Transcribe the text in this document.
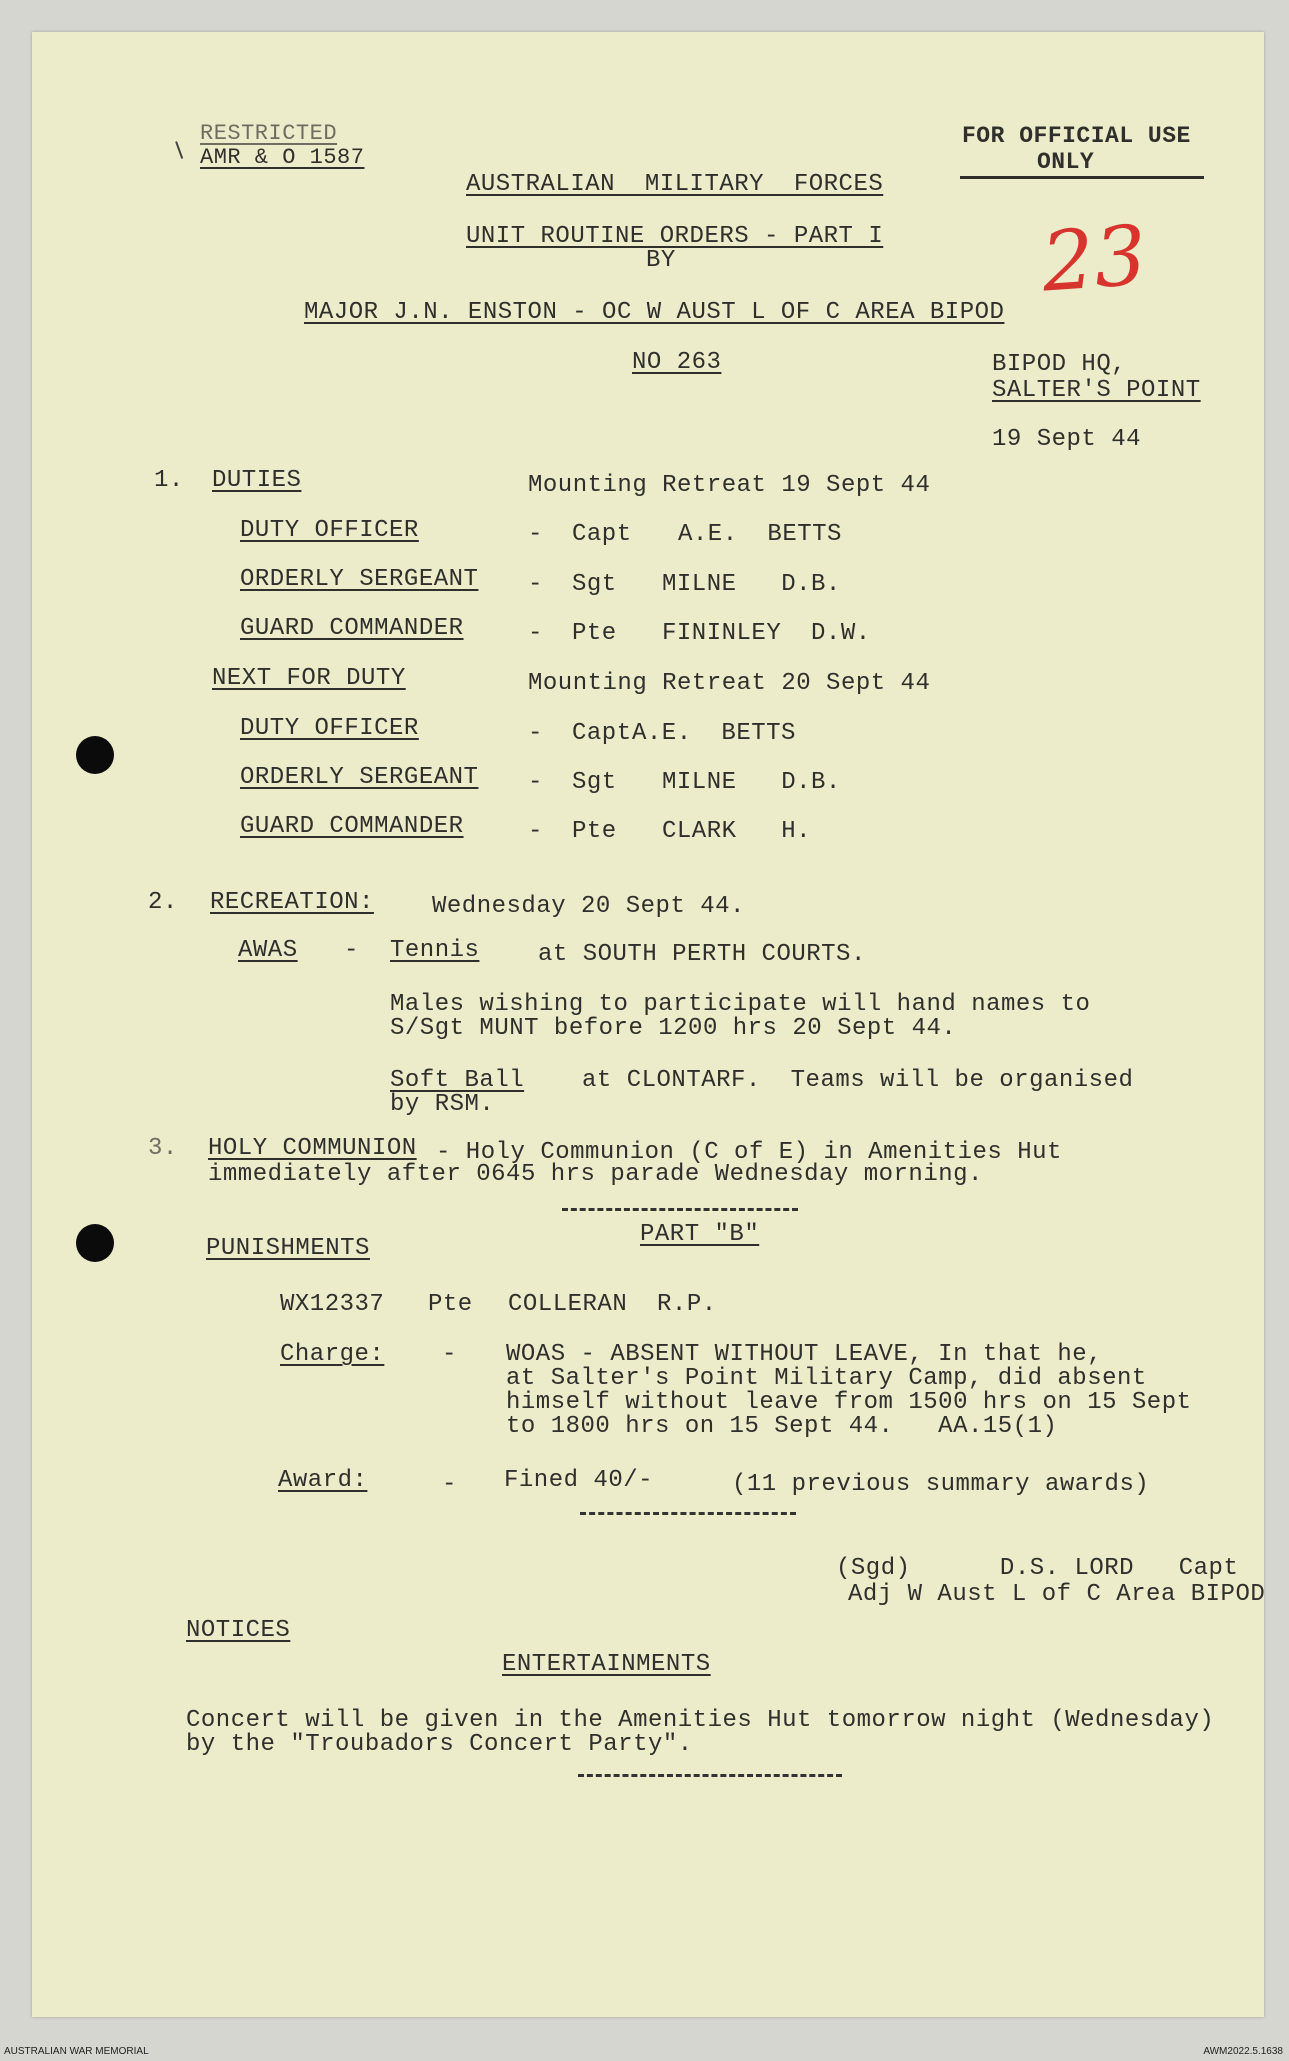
RESTRICTED
AMR & O 1587
FOR OFFICIAL USE
ONLY
23
AUSTRALIAN  MILITARY  FORCES
UNIT ROUTINE ORDERS - PART I
BY
MAJOR J.N. ENSTON - OC W AUST L OF C AREA BIPOD
NO 263	BIPOD HQ,
SALTER'S POINT
19 Sept 44
1. DUTIES	Mounting Retreat 19 Sept 44
DUTY OFFICER	- Capt A.E.  BETTS
ORDERLY SERGEANT - Sgt MILNE   D.B.
GUARD COMMANDER	- Pte FININLEY  D.W.
NEXT FOR DUTY	Mounting Retreat 20 Sept 44
DUTY OFFICER	- Capt A.E.  BETTS
ORDERLY SERGEANT - Sgt MILNE   D.B.
GUARD COMMANDER	- Pte CLARK   H.
2. RECREATION: Wednesday 20 Sept 44.
AWAS - Tennis at SOUTH PERTH COURTS.
Males wishing to participate will hand names to
S/Sgt MUNT before 1200 hrs 20 Sept 44.
Soft Ball at CLONTARF.  Teams will be organised
by RSM.
3. HOLY COMMUNION - Holy Communion (C of E) in Amenities Hut
immediately after 0645 hrs parade Wednesday morning.
PART "B"
PUNISHMENTS
WX12337 Pte COLLERAN  R.P.
Charge: - WOAS - ABSENT WITHOUT LEAVE, In that he,
at Salter's Point Military Camp, did absent
himself without leave from 1500 hrs on 15 Sept
to 1800 hrs on 15 Sept 44.   AA.15(1)
Award:	- Fined 40/-	(11 previous summary awards)
(Sgd)      D.S. LORD   Capt
Adj W Aust L of C Area BIPOD
NOTICES
ENTERTAINMENTS
Concert will be given in the Amenities Hut tomorrow night (Wednesday)
by the "Troubadors Concert Party".
AUSTRALIAN WAR MEMORIAL	AWM2022.5.1638
